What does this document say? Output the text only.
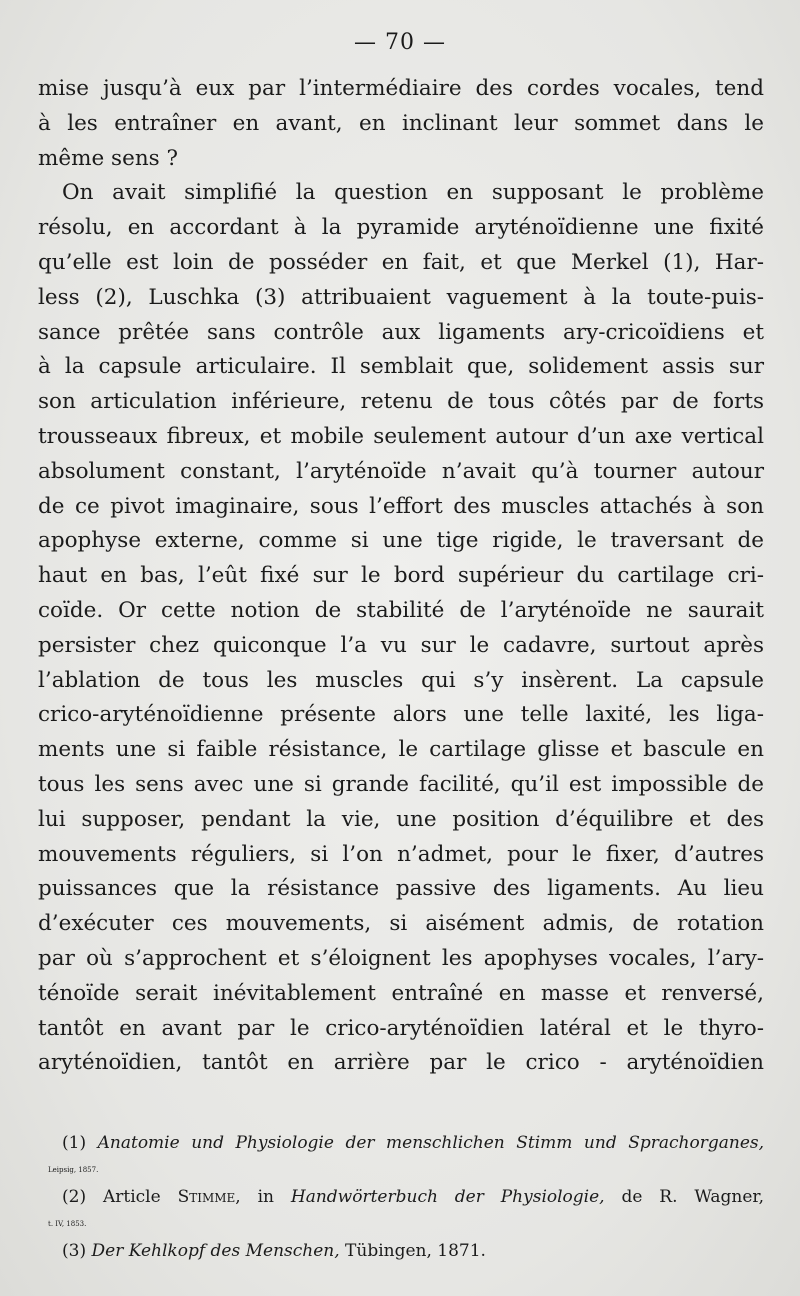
— 70 —
mise jusqu’à eux par l’intermédiaire des cordes vocales, tend
à les entraîner en avant, en inclinant leur sommet dans le
même sens ?
On avait simplifié la question en supposant le problème
résolu, en accordant à la pyramide aryténoïdienne une fixité
qu’elle est loin de posséder en fait, et que Merkel (1), Har-
less (2), Luschka (3) attribuaient vaguement à la toute-puis-
sance prêtée sans contrôle aux ligaments ary-cricoïdiens et
à la capsule articulaire. Il semblait que, solidement assis sur
son articulation inférieure, retenu de tous côtés par de forts
trousseaux fibreux, et mobile seulement autour d’un axe vertical
absolument constant, l’aryténoïde n’avait qu’à tourner autour
de ce pivot imaginaire, sous l’effort des muscles attachés à son
apophyse externe, comme si une tige rigide, le traversant de
haut en bas, l’eût fixé sur le bord supérieur du cartilage cri-
coïde. Or cette notion de stabilité de l’aryténoïde ne saurait
persister chez quiconque l’a vu sur le cadavre, surtout après
l’ablation de tous les muscles qui s’y insèrent. La capsule
crico-aryténoïdienne présente alors une telle laxité, les liga-
ments une si faible résistance, le cartilage glisse et bascule en
tous les sens avec une si grande facilité, qu’il est impossible de
lui supposer, pendant la vie, une position d’équilibre et des
mouvements réguliers, si l’on n’admet, pour le fixer, d’autres
puissances que la résistance passive des ligaments. Au lieu
d’exécuter ces mouvements, si aisément admis, de rotation
par où s’approchent et s’éloignent les apophyses vocales, l’ary-
ténoïde serait inévitablement entraîné en masse et renversé,
tantôt en avant par le crico-aryténoïdien latéral et le thyro-
aryténoïdien, tantôt en arrière par le crico - aryténoïdien
(1) Anatomie und Physiologie der menschlichen Stimm und Sprachorganes,
Leipsig, 1857.
(2) Article Stimme, in Handwörterbuch der Physiologie, de R. Wagner,
t. IV, 1853.
(3) Der Kehlkopf des Menschen, Tübingen, 1871.
